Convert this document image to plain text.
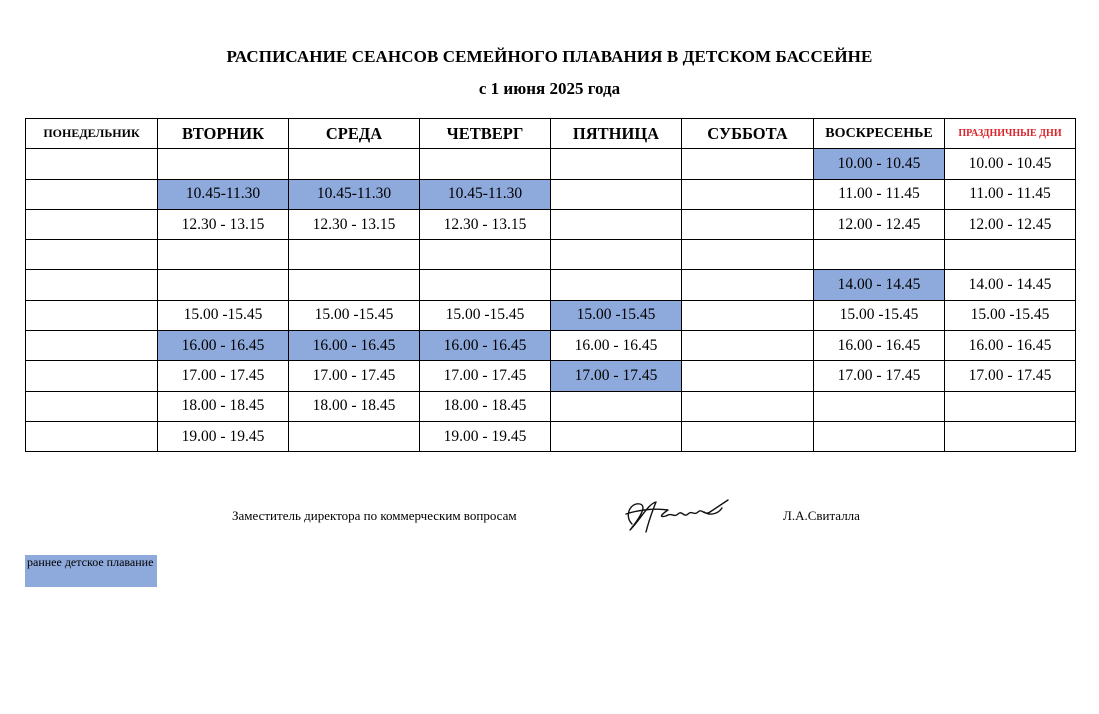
РАСПИСАНИЕ СЕАНСОВ СЕМЕЙНОГО ПЛАВАНИЯ В ДЕТСКОМ БАССЕЙНЕ
с 1 июня 2025 года
ПОНЕДЕЛЬНИК	ВТОРНИК	СРЕДА	ЧЕТВЕРГ	ПЯТНИЦА	СУББОТА	ВОСКРЕСЕНЬЕ	ПРАЗДНИЧНЫЕ ДНИ
						10.00 - 10.45	10.00 - 10.45
	10.45-11.30	10.45-11.30	10.45-11.30			11.00 - 11.45	11.00 - 11.45
	12.30 - 13.15	12.30 - 13.15	12.30 - 13.15			12.00 - 12.45	12.00 - 12.45

						14.00 - 14.45	14.00 - 14.45
	15.00 -15.45	15.00 -15.45	15.00 -15.45	15.00 -15.45		15.00 -15.45	15.00 -15.45
	16.00 - 16.45	16.00 - 16.45	16.00 - 16.45	16.00 - 16.45		16.00 - 16.45	16.00 - 16.45
	17.00 - 17.45	17.00 - 17.45	17.00 - 17.45	17.00 - 17.45		17.00 - 17.45	17.00 - 17.45
	18.00 - 18.45	18.00 - 18.45	18.00 - 18.45				
	19.00 - 19.45		19.00 - 19.45				
Заместитель директора по коммерческим вопросам	Л.А.Свиталла
раннее детское плавание
